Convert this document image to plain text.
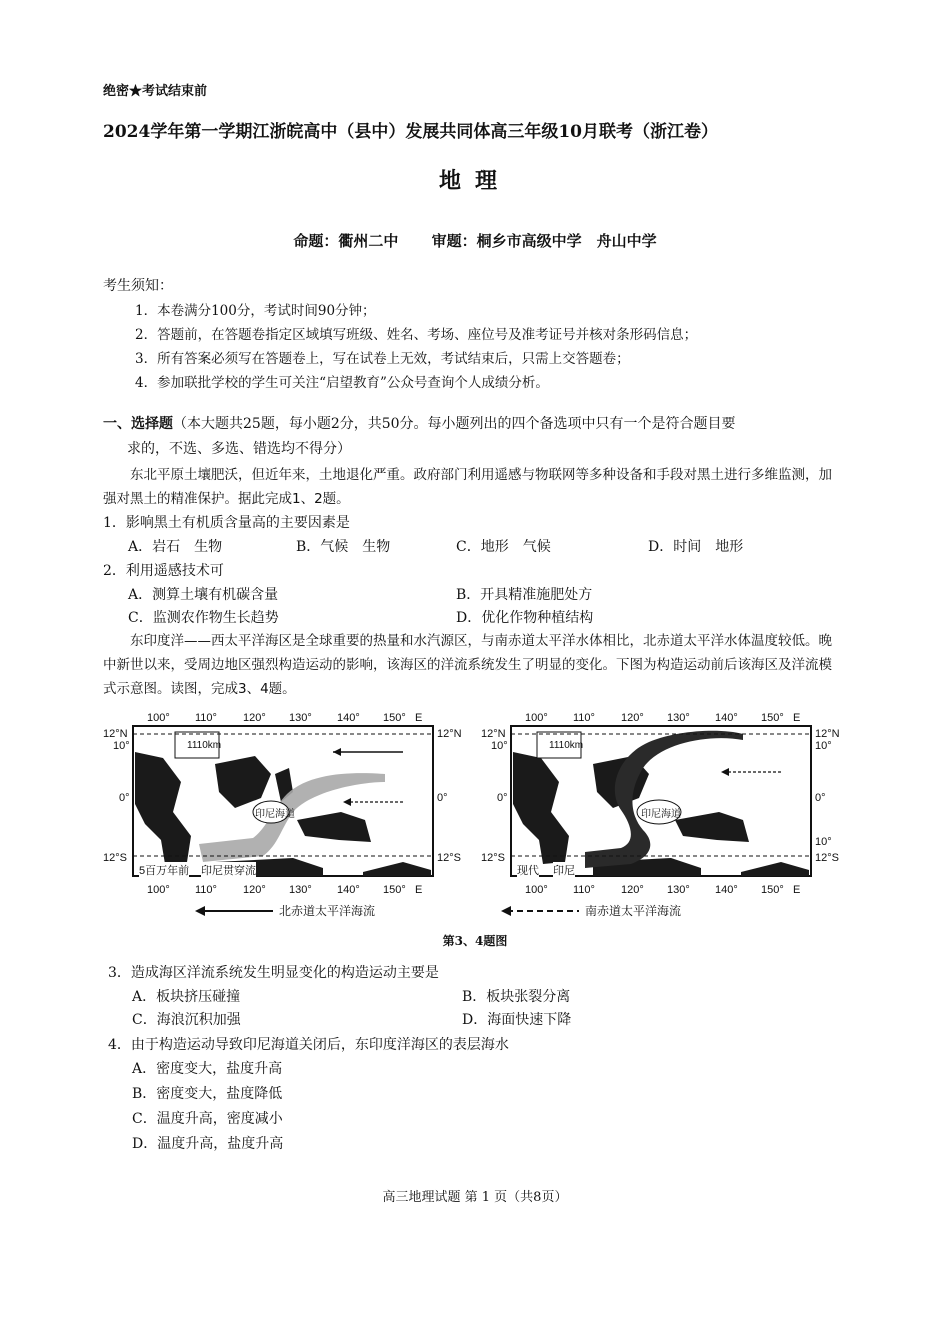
绝密★考试结束前
2024学年第一学期江浙皖高中（县中）发展共同体高三年级10月联考（浙江卷）
地理
命题：衢州二中 审题：桐乡市高级中学　舟山中学
考生须知：
1．本卷满分100分，考试时间90分钟；
2．答题前，在答题卷指定区域填写班级、姓名、考场、座位号及准考证号并核对条形码信息；
3．所有答案必须写在答题卷上，写在试卷上无效，考试结束后，只需上交答题卷；
4．参加联批学校的学生可关注“启望教育”公众号查询个人成绩分析。
一、选择题（本大题共25题，每小题2分，共50分。每小题列出的四个备选项中只有一个是符合题目要
求的，不选、多选、错选均不得分）
东北平原土壤肥沃，但近年来，土地退化严重。政府部门利用遥感与物联网等多种设备和手段对黑土进行多维监测，加强对黑土的精准保护。据此完成1、2题。
1．影响黑土有机质含量高的主要因素是
A．岩石　生物	B．气候　生物	C．地形　气候	D．时间　地形
2．利用遥感技术可
A．测算土壤有机碳含量	B．开具精准施肥处方
C．监测农作物生长趋势	D．优化作物种植结构
东印度洋——西太平洋海区是全球重要的热量和水汽源区，与南赤道太平洋水体相比，北赤道太平洋水体温度较低。晚中新世以来，受周边地区强烈构造运动的影响，该海区的洋流系统发生了明显的变化。下图为构造运动前后该海区及洋流模式示意图。读图，完成3、4题。
100° 110° 120° 130° 140° 150° E
12°N
10°
0°
12°S
12°N
0°
12°S
1110km
印尼海道
5百万年前 印尼贯穿流
100° 110° 120° 130° 140° 150° E
北赤道太平洋海流
100° 110° 120° 130° 140° 150° E
12°N
10°
0°
12°S
12°N
10°
0°
10°
12°S
1110km
印尼海道
现代 印尼
100° 110° 120° 130° 140° 150° E
南赤道太平洋海流
第3、4题图
3．造成海区洋流系统发生明显变化的构造运动主要是
A．板块挤压碰撞	B．板块张裂分离
C．海浪沉积加强	D．海面快速下降
4．由于构造运动导致印尼海道关闭后，东印度洋海区的表层海水
A．密度变大，盐度升高
B．密度变大，盐度降低
C．温度升高，密度减小
D．温度升高，盐度升高
高三地理试题 第 1 页（共8页）
